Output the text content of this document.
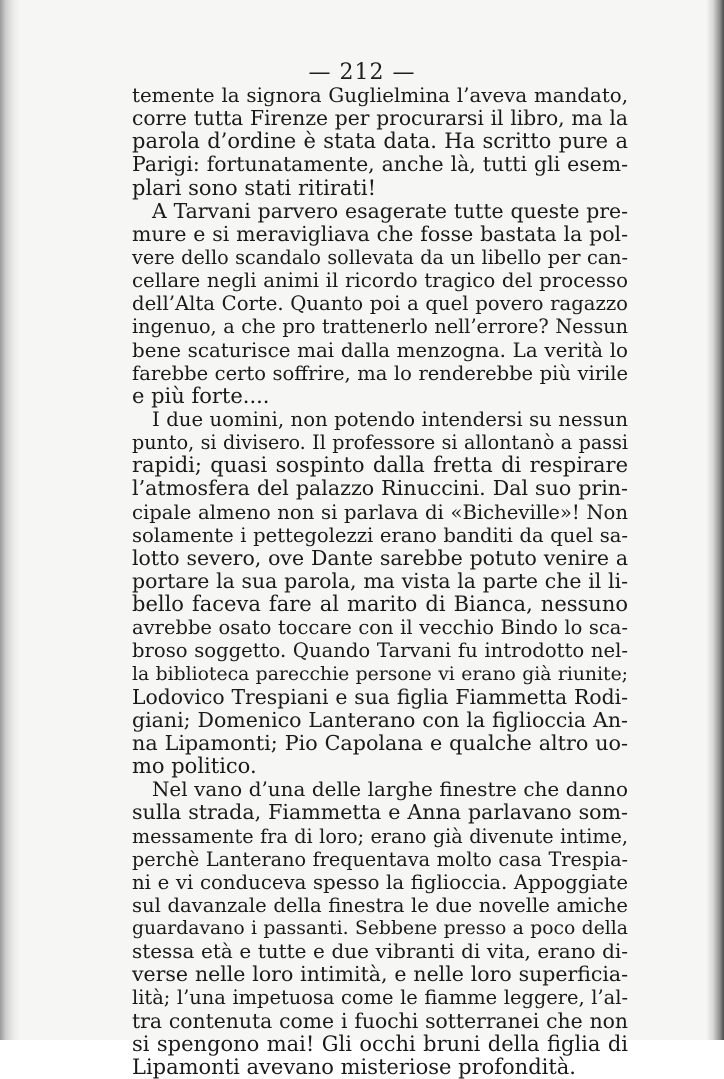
— 212 —
temente la signora Guglielmina l’aveva mandato,
corre tutta Firenze per procurarsi il libro, ma la
parola d’ordine è stata data. Ha scritto pure a
Parigi: fortunatamente, anche là, tutti gli esem-
plari sono stati ritirati!
A Tarvani parvero esagerate tutte queste pre-
mure e si meravigliava che fosse bastata la pol-
vere dello scandalo sollevata da un libello per can-
cellare negli animi il ricordo tragico del processo
dell’Alta Corte. Quanto poi a quel povero ragazzo
ingenuo, a che pro trattenerlo nell’errore? Nessun
bene scaturisce mai dalla menzogna. La verità lo
farebbe certo soffrire, ma lo renderebbe più virile
e più forte....
I due uomini, non potendo intendersi su nessun
punto, si divisero. Il professore si allontanò a passi
rapidi; quasi sospinto dalla fretta di respirare
l’atmosfera del palazzo Rinuccini. Dal suo prin-
cipale almeno non si parlava di «Bicheville»! Non
solamente i pettegolezzi erano banditi da quel sa-
lotto severo, ove Dante sarebbe potuto venire a
portare la sua parola, ma vista la parte che il li-
bello faceva fare al marito di Bianca, nessuno
avrebbe osato toccare con il vecchio Bindo lo sca-
broso soggetto. Quando Tarvani fu introdotto nel-
la biblioteca parecchie persone vi erano già riunite;
Lodovico Trespiani e sua figlia Fiammetta Rodi-
giani; Domenico Lanterano con la figlioccia An-
na Lipamonti; Pio Capolana e qualche altro uo-
mo politico.
Nel vano d’una delle larghe finestre che danno
sulla strada, Fiammetta e Anna parlavano som-
messamente fra di loro; erano già divenute intime,
perchè Lanterano frequentava molto casa Trespia-
ni e vi conduceva spesso la figlioccia. Appoggiate
sul davanzale della finestra le due novelle amiche
guardavano i passanti. Sebbene presso a poco della
stessa età e tutte e due vibranti di vita, erano di-
verse nelle loro intimità, e nelle loro superficia-
lità; l’una impetuosa come le fiamme leggere, l’al-
tra contenuta come i fuochi sotterranei che non
si spengono mai! Gli occhi bruni della figlia di
Lipamonti avevano misteriose profondità.
